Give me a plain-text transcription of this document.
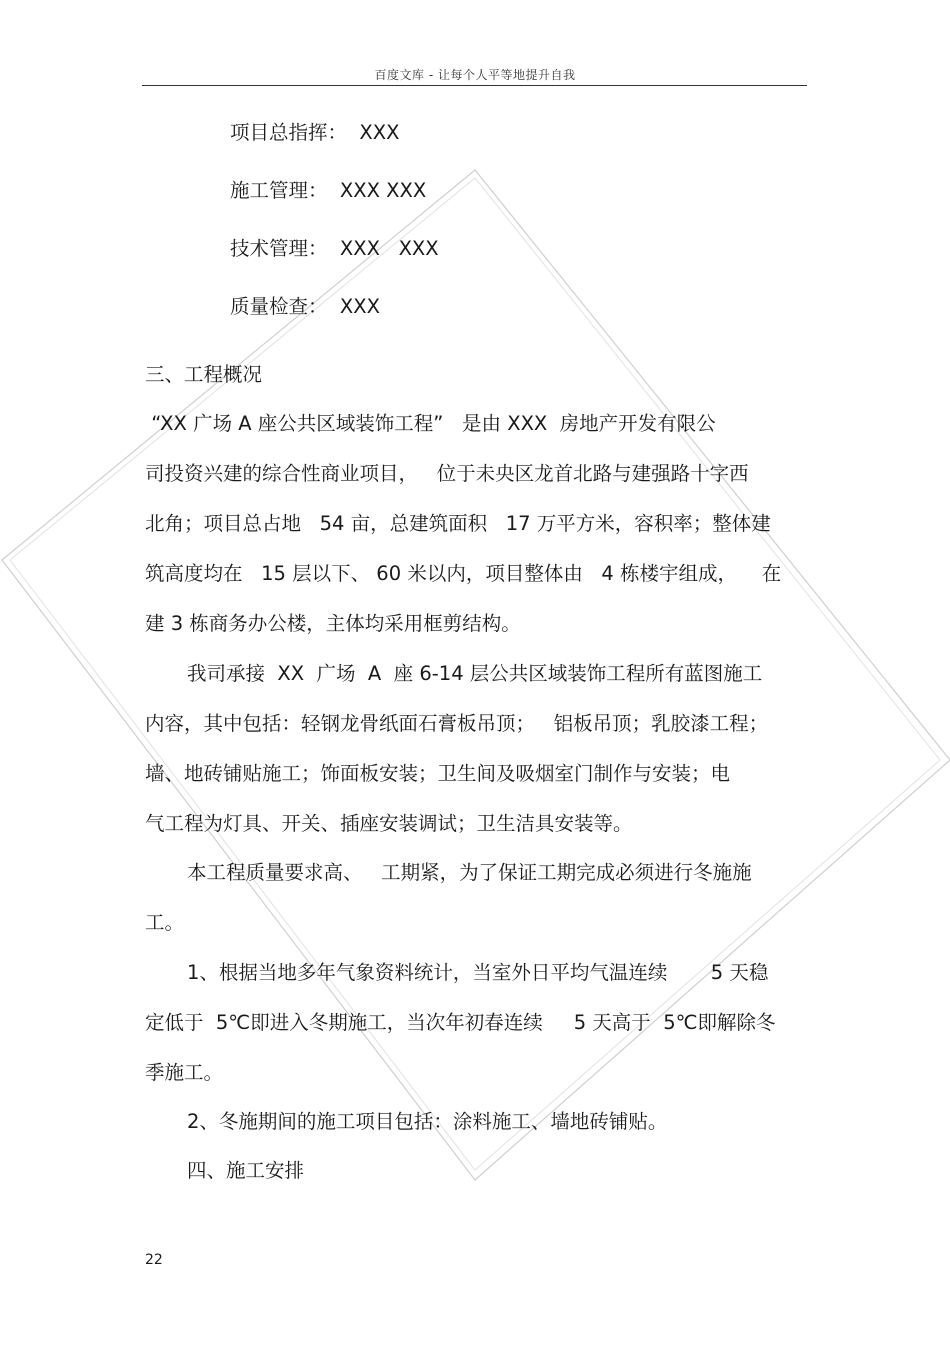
百度文库 - 让每个人平等地提升自我
项目总指挥：  XXX
施工管理：  XXX XXX
技术管理：  XXX   XXX
质量检查：  XXX
三、工程概况
“XX 广场 A 座公共区域装饰工程”   是由 XXX  房地产开发有限公
司投资兴建的综合性商业项目，   位于未央区龙首北路与建强路十字西
北角；项目总占地   54 亩，总建筑面积   17 万平方米，容积率；整体建
筑高度均在   15 层以下、 60 米以内，项目整体由   4 栋楼宇组成，    在
建 3 栋商务办公楼，主体均采用框剪结构。
我司承接  XX  广场  A  座 6-14 层公共区域装饰工程所有蓝图施工
内容，其中包括：轻钢龙骨纸面石膏板吊顶；   铝板吊顶；乳胶漆工程；
墙、地砖铺贴施工；饰面板安装；卫生间及吸烟室门制作与安装；电
气工程为灯具、开关、插座安装调试；卫生洁具安装等。
本工程质量要求高、   工期紧，为了保证工期完成必须进行冬施施
工。
1、根据当地多年气象资料统计，当室外日平均气温连续       5 天稳
定低于  5℃即进入冬期施工，当次年初春连续     5 天高于  5℃即解除冬
季施工。
2、冬施期间的施工项目包括：涂料施工、墙地砖铺贴。
四、施工安排
22
